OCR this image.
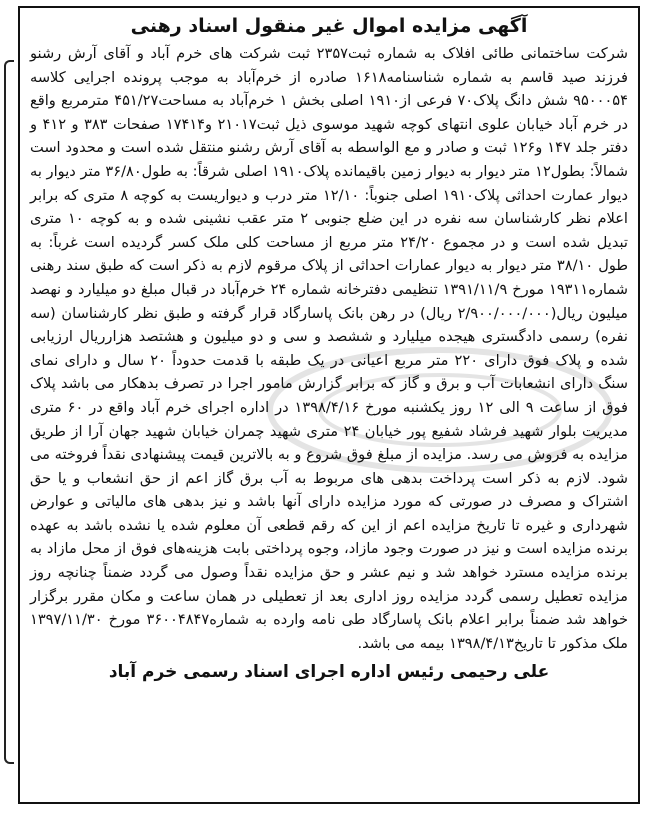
آگهی مزایده اموال غیر منقول اسناد رهنی

شرکت ساختمانی طائی افلاک به شماره ثبت۲۳۵۷ ثبت شرکت های خرم آباد و آقای آرش رشنو فرزند صید قاسم به شماره شناسنامه۱۶۱۸ صادره از خرم‌آباد به موجب پرونده اجرایی کلاسه ۹۵۰۰۰۵۴ شش دانگ پلاک۷۰ فرعی از۱۹۱۰ اصلی بخش ۱ خرم‌آباد به مساحت۴۵۱/۲۷ مترمربع واقع در خرم آباد خیابان علوی انتهای کوچه شهید موسوی ذیل ثبت۲۱۰۱۷ و۱۷۴۱۴ صفحات ۳۸۳ و ۴۱۲ و دفتر جلد ۱۴۷ و۱۲۶ ثبت و صادر و مع الواسطه به آقای آرش رشنو منتقل شده است و محدود است شمالاً: بطول۱۲ متر دیوار به دیوار زمین باقیمانده پلاک۱۹۱۰ اصلی شرقاً: به طول۳۶/۸۰ متر دیوار به دیوار عمارت احداثی پلاک۱۹۱۰ اصلی جنوباً: ۱۲/۱۰ متر درب و دیواریست به کوچه ۸ متری که برابر اعلام نظر کارشناسان سه نفره در این ضلع جنوبی ۲ متر عقب نشینی شده و به کوچه ۱۰ متری تبدیل شده است و در مجموع ۲۴/۲۰ متر مربع از مساحت کلی ملک کسر گردیده است غرباً: به طول ۳۸/۱۰ متر دیوار به دیوار عمارات احداثی از پلاک مرقوم لازم به ذکر است که طبق سند رهنی شماره۱۹۳۱۱ مورخ ۱۳۹۱/۱۱/۹ تنظیمی دفترخانه شماره ۲۴ خرم‌آباد در قبال مبلغ دو میلیارد و نهصد میلیون ریال(۲/۹۰۰/۰۰۰/۰۰۰ ریال) در رهن بانک پاسارگاد قرار گرفته و طبق نظر کارشناسان (سه نفره) رسمی دادگستری هیجده میلیارد و ششصد و سی و دو میلیون و هشتصد هزارریال ارزیابی شده و پلاک فوق دارای ۲۲۰ متر مربع اعیانی در یک طبقه با قدمت حدوداً ۲۰ سال و دارای نمای سنگ دارای انشعابات آب و برق و گاز که برابر گزارش مامور اجرا در تصرف بدهکار می باشد پلاک فوق از ساعت ۹ الی ۱۲ روز یکشنبه مورخ ۱۳۹۸/۴/۱۶ در اداره اجرای خرم آباد واقع در ۶۰ متری مدیریت بلوار شهید فرشاد شفیع پور خیابان ۲۴ متری شهید چمران خیابان شهید جهان آرا از طریق مزایده به فروش می رسد. مزایده از مبلغ فوق شروع و به بالاترین قیمت پیشنهادی نقداً فروخته می شود. لازم به ذکر است پرداخت بدهی های مربوط به آب برق گاز اعم از حق انشعاب و یا حق اشتراک و مصرف در صورتی که مورد مزایده دارای آنها باشد و نیز بدهی های مالیاتی و عوارض شهرداری و غیره تا تاریخ مزایده اعم از این که رقم قطعی آن معلوم شده یا نشده باشد به عهده برنده مزایده است و نیز در صورت وجود مازاد، وجوه پرداختی بابت هزینه‌های فوق از محل مازاد به برنده مزایده مسترد خواهد شد و نیم عشر و حق مزایده نقداً وصول می گردد ضمناً چنانچه روز مزایده تعطیل رسمی گردد مزایده روز اداری بعد از تعطیلی در همان ساعت و مکان مقرر برگزار خواهد شد ضمناً برابر اعلام بانک پاسارگاد طی نامه وارده به شماره۳۶۰۰۴۸۴۷ مورخ ۱۳۹۷/۱۱/۳۰ ملک مذکور تا تاریخ۱۳۹۸/۴/۱۳ بیمه می باشد.

علی رحیمی رئیس اداره اجرای اسناد رسمی خرم آباد
